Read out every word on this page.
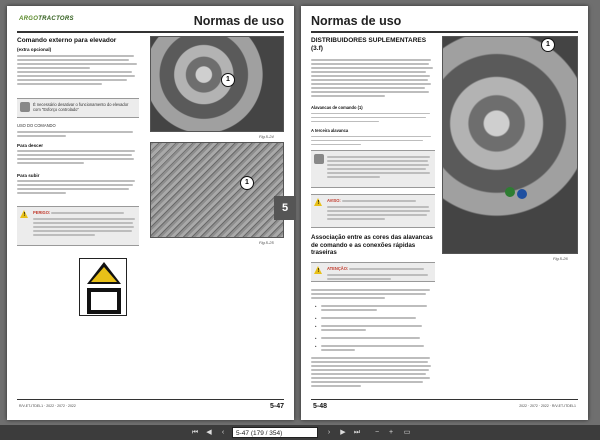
ARGOTRACTORS	Normas de uso
Comando externo para elevador
(extra opcional)
1
Fig.5-24
É necessário desativar o funcionamento do elevador com "Esforço controlado"
USO DO COMANDO
Para descer
Para subir
1
Fig.5-25
! PERIGO:
R/V-ET-ITDEL1 · 2022 · 2072 · 2022	5-47
5
Normas de uso
DISTRIBUIDORES SUPLEMENTARES (3.f)
Alavancas de comando (1)
A terceira alavanca
! AVISO:
Associação entre as cores das alavancas de comando e as conexões rápidas traseiras
! ATENÇÃO:
•
•
•
•
•
1
Fig.5-26
5-48	2022 · 2072 · 2022 · R/V-ET-ITDEL1
⏮	◀	‹	5-47 (179 / 354)	›	▶	⏭	−	+	▭
